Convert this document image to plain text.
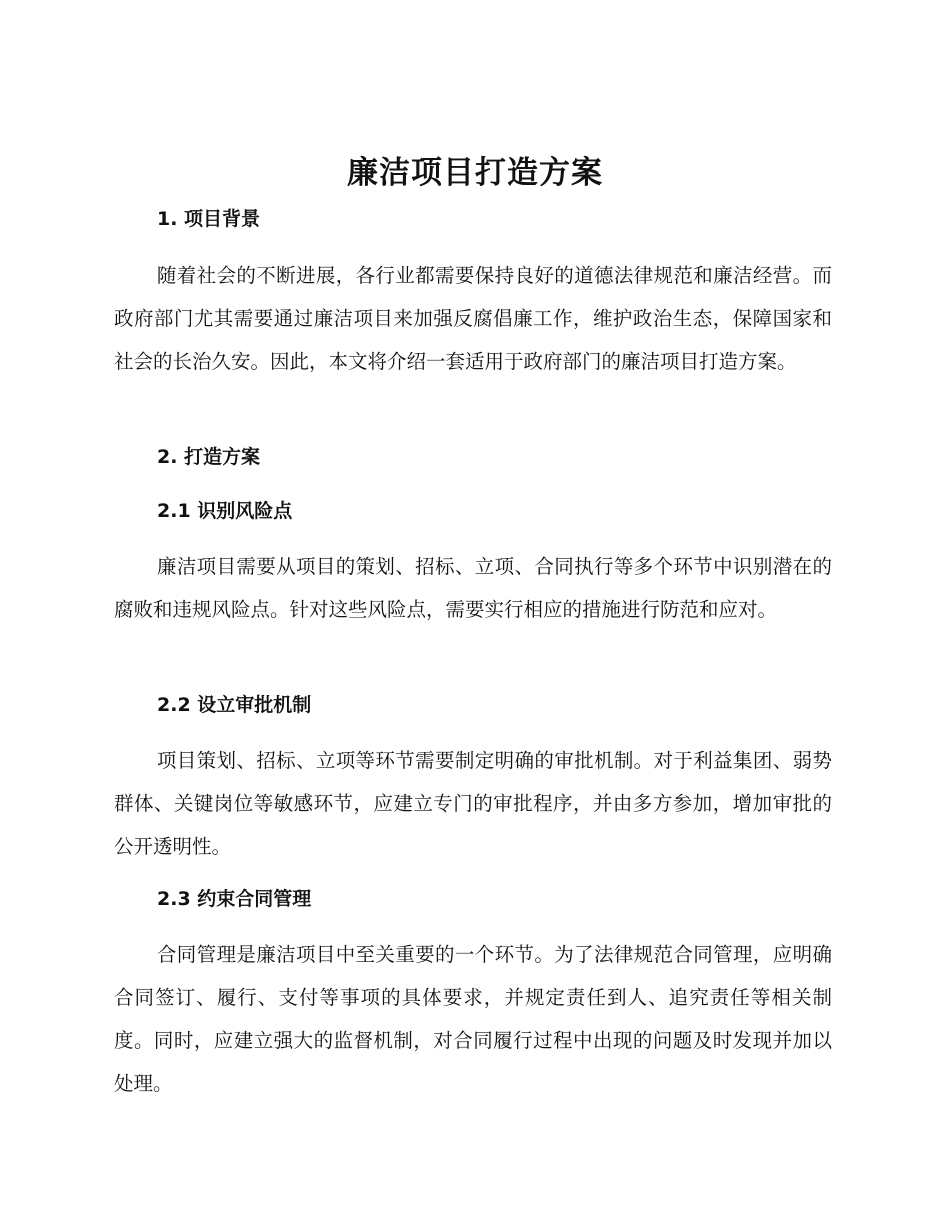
廉洁项目打造方案
1. 项目背景

随着社会的不断进展，各行业都需要保持良好的道德法律规范和廉洁经营。而政府部门尤其需要通过廉洁项目来加强反腐倡廉工作，维护政治生态，保障国家和社会的长治久安。因此，本文将介绍一套适用于政府部门的廉洁项目打造方案。

2. 打造方案
2.1 识别风险点

廉洁项目需要从项目的策划、招标、立项、合同执行等多个环节中识别潜在的腐败和违规风险点。针对这些风险点，需要实行相应的措施进行防范和应对。

2.2 设立审批机制

项目策划、招标、立项等环节需要制定明确的审批机制。对于利益集团、弱势群体、关键岗位等敏感环节，应建立专门的审批程序，并由多方参加，增加审批的公开透明性。

2.3 约束合同管理

合同管理是廉洁项目中至关重要的一个环节。为了法律规范合同管理，应明确合同签订、履行、支付等事项的具体要求，并规定责任到人、追究责任等相关制度。同时，应建立强大的监督机制，对合同履行过程中出现的问题及时发现并加以处理。
